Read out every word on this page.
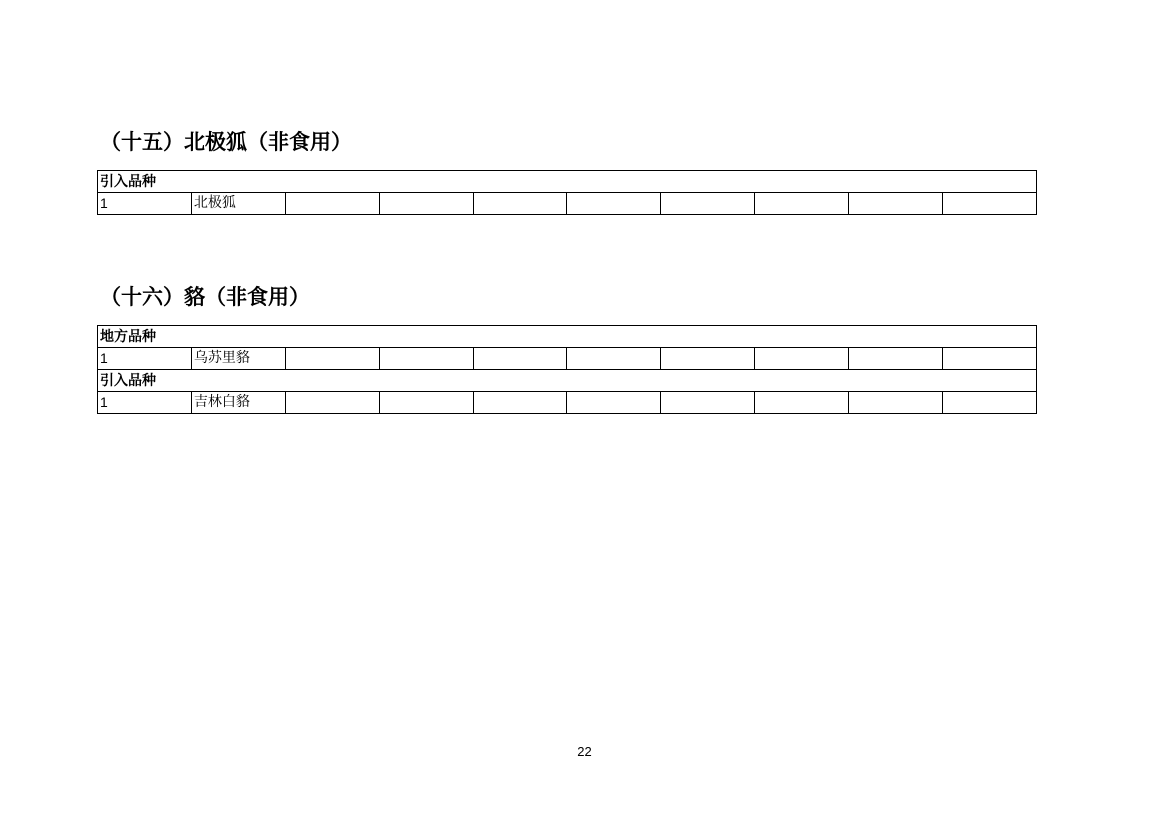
（十五）北极狐（非食用）
引入品种
1	北极狐								
（十六）貉（非食用）
地方品种									
1	乌苏里貉								
引入品种									
1	吉林白貉								
22
